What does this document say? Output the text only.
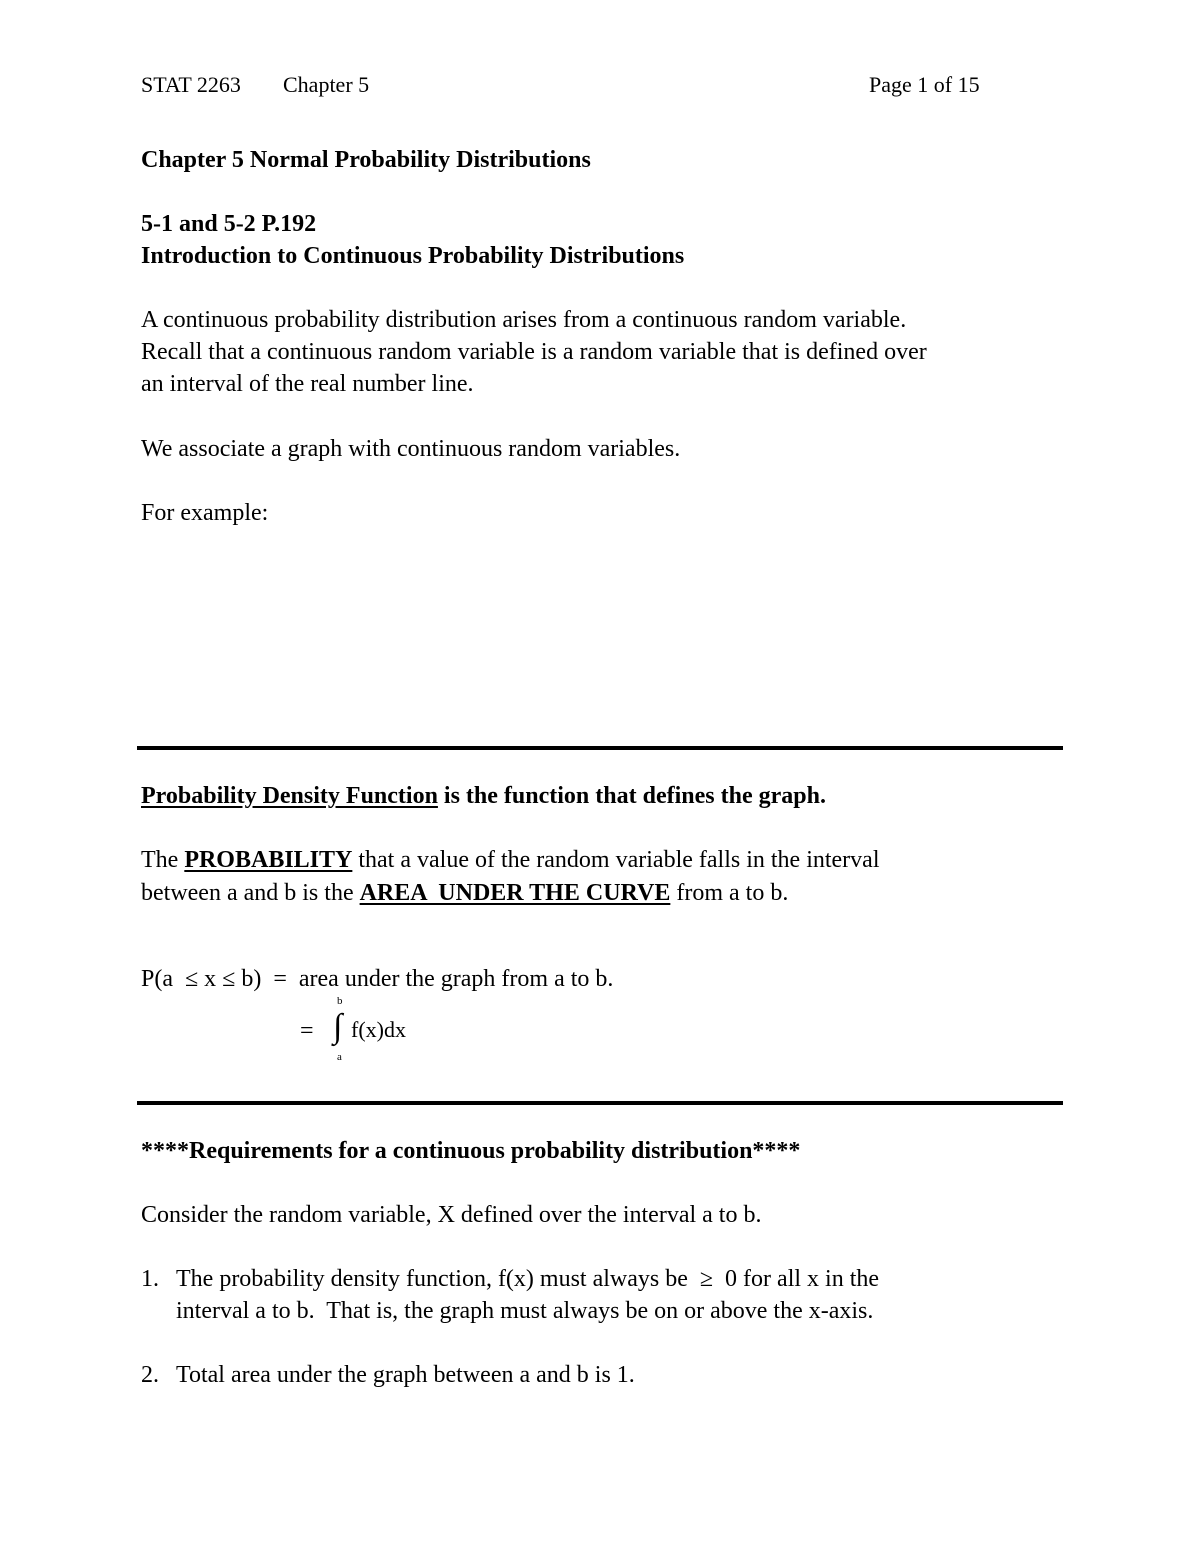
STAT 2263 Chapter 5	Page 1 of 15
Chapter 5 Normal Probability Distributions
5-1 and 5-2 P.192
Introduction to Continuous Probability Distributions
A continuous probability distribution arises from a continuous random variable.
Recall that a continuous random variable is a random variable that is defined over
an interval of the real number line.
We associate a graph with continuous random variables.
For example:
Probability Density Function is the function that defines the graph.
The PROBABILITY that a value of the random variable falls in the interval
between a and b is the AREA  UNDER THE CURVE from a to b.
P(a  ≤ x ≤ b)  =  area under the graph from a to b.
=
b
∫
a
f(x)dx
****Requirements for a continuous probability distribution****
Consider the random variable, X defined over the interval a to b.
1. The probability density function, f(x) must always be  ≥  0 for all x in the
interval a to b.  That is, the graph must always be on or above the x-axis.
2. Total area under the graph between a and b is 1.
